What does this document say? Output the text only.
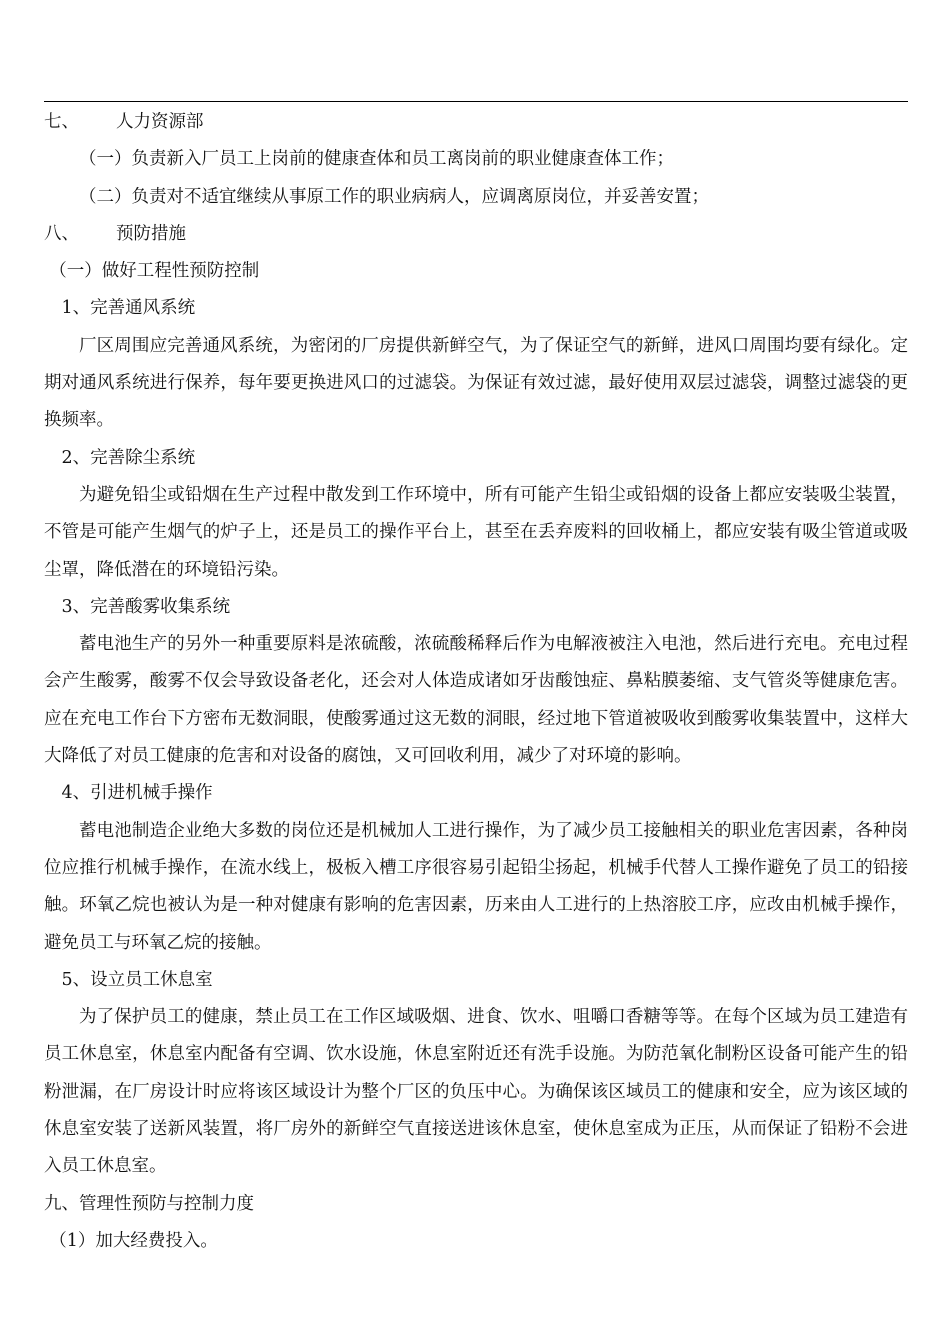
七、 人力资源部

（一）负责新入厂员工上岗前的健康查体和员工离岗前的职业健康查体工作；

（二）负责对不适宜继续从事原工作的职业病病人，应调离原岗位，并妥善安置；

八、 预防措施

（一）做好工程性预防控制

1、完善通风系统

厂区周围应完善通风系统，为密闭的厂房提供新鲜空气，为了保证空气的新鲜，进风口周围均要有绿化。定期对通风系统进行保养，每年要更换进风口的过滤袋。为保证有效过滤，最好使用双层过滤袋，调整过滤袋的更换频率。

2、完善除尘系统

为避免铅尘或铅烟在生产过程中散发到工作环境中，所有可能产生铅尘或铅烟的设备上都应安装吸尘装置，不管是可能产生烟气的炉子上，还是员工的操作平台上，甚至在丢弃废料的回收桶上，都应安装有吸尘管道或吸尘罩，降低潜在的环境铅污染。

3、完善酸雾收集系统

蓄电池生产的另外一种重要原料是浓硫酸，浓硫酸稀释后作为电解液被注入电池，然后进行充电。充电过程会产生酸雾，酸雾不仅会导致设备老化，还会对人体造成诸如牙齿酸蚀症、鼻粘膜萎缩、支气管炎等健康危害。应在充电工作台下方密布无数洞眼，使酸雾通过这无数的洞眼，经过地下管道被吸收到酸雾收集装置中，这样大大降低了对员工健康的危害和对设备的腐蚀，又可回收利用，减少了对环境的影响。

4、引进机械手操作

蓄电池制造企业绝大多数的岗位还是机械加人工进行操作，为了减少员工接触相关的职业危害因素，各种岗位应推行机械手操作，在流水线上，极板入槽工序很容易引起铅尘扬起，机械手代替人工操作避免了员工的铅接触。环氧乙烷也被认为是一种对健康有影响的危害因素，历来由人工进行的上热溶胶工序，应改由机械手操作，避免员工与环氧乙烷的接触。

5、设立员工休息室

为了保护员工的健康，禁止员工在工作区域吸烟、进食、饮水、咀嚼口香糖等等。在每个区域为员工建造有员工休息室，休息室内配备有空调、饮水设施，休息室附近还有洗手设施。为防范氧化制粉区设备可能产生的铅粉泄漏，在厂房设计时应将该区域设计为整个厂区的负压中心。为确保该区域员工的健康和安全，应为该区域的休息室安装了送新风装置，将厂房外的新鲜空气直接送进该休息室，使休息室成为正压，从而保证了铅粉不会进入员工休息室。

九、管理性预防与控制力度

（1）加大经费投入。
